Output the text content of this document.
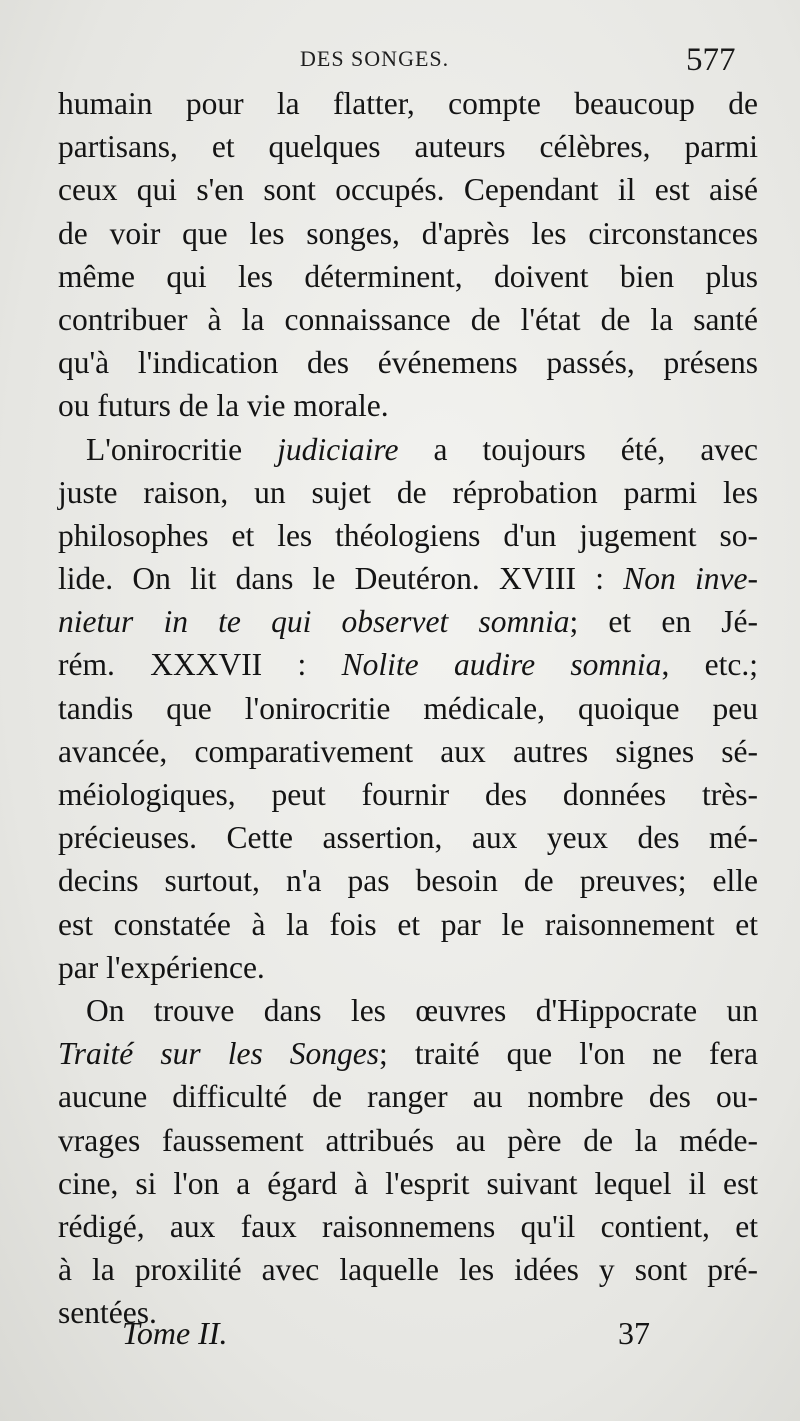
DES SONGES.	577
humain pour la flatter, compte beaucoup de
partisans, et quelques auteurs célèbres, parmi
ceux qui s'en sont occupés. Cependant il est aisé
de voir que les songes, d'après les circonstances
même qui les déterminent, doivent bien plus
contribuer à la connaissance de l'état de la santé
qu'à l'indication des événemens passés, présens
ou futurs de la vie morale.
L'onirocritie judiciaire a toujours été, avec
juste raison, un sujet de réprobation parmi les
philosophes et les théologiens d'un jugement so-
lide. On lit dans le Deutéron. XVIII : Non inve-
nietur in te qui observet somnia; et en Jé-
rém. XXXVII : Nolite audire somnia, etc.;
tandis que l'onirocritie médicale, quoique peu
avancée, comparativement aux autres signes sé-
méiologiques, peut fournir des données très-
précieuses. Cette assertion, aux yeux des mé-
decins surtout, n'a pas besoin de preuves; elle
est constatée à la fois et par le raisonnement et
par l'expérience.
On trouve dans les œuvres d'Hippocrate un
Traité sur les Songes; traité que l'on ne fera
aucune difficulté de ranger au nombre des ou-
vrages faussement attribués au père de la méde-
cine, si l'on a égard à l'esprit suivant lequel il est
rédigé, aux faux raisonnemens qu'il contient, et
à la proxilité avec laquelle les idées y sont pré-
sentées.
Tome II.	37
